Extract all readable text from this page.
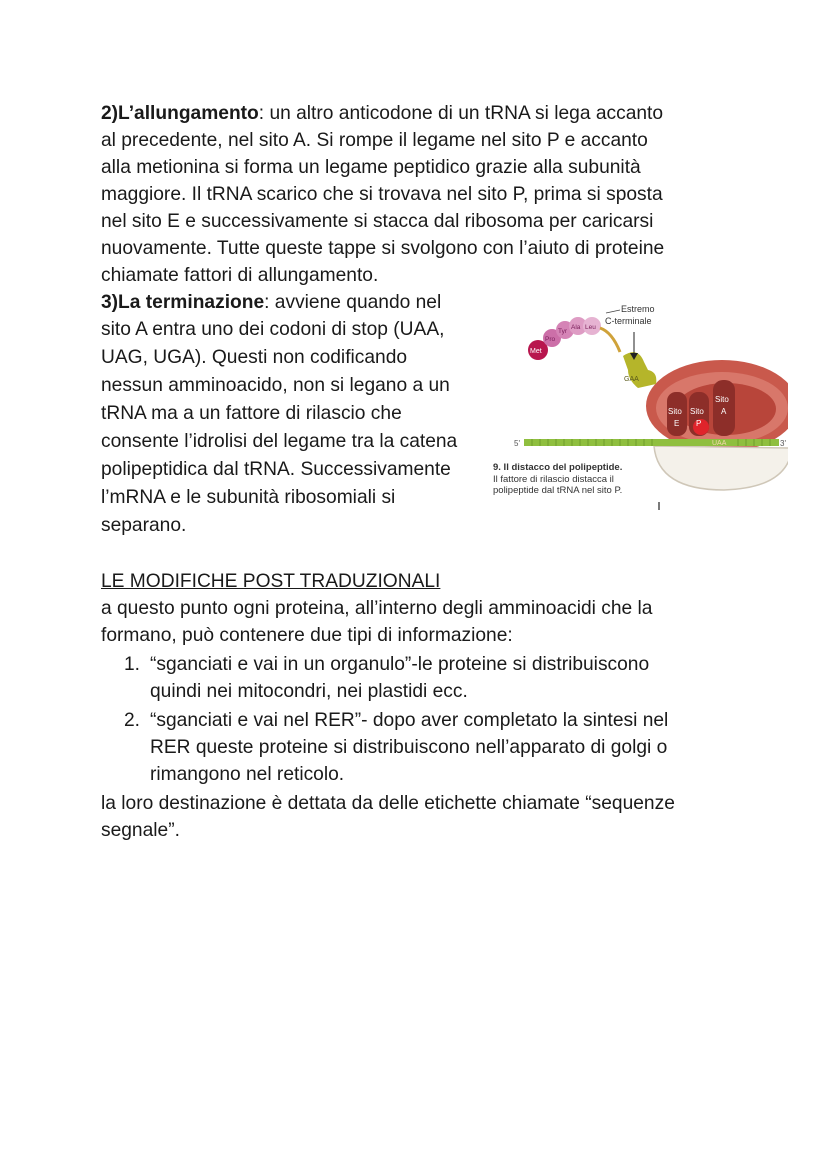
2)L’allungamento: un altro anticodone di un tRNA si lega accanto

al precedente, nel sito A. Si rompe il legame nel sito P e accanto

alla metionina si forma un legame peptidico grazie alla subunità

maggiore. Il tRNA scarico che si trovava nel sito P, prima si sposta

nel sito E e successivamente si stacca dal ribosoma per caricarsi

nuovamente. Tutte queste tappe si svolgono con l’aiuto di proteine

chiamate fattori di allungamento.

3)La terminazione: avviene quando nel

sito A entra uno dei codoni di stop (UAA,

UAG, UGA). Questi non codificando

nessun amminoacido, non si legano a un

tRNA ma a un fattore di rilascio che

consente l’idrolisi del legame tra la catena

polipeptidica dal tRNA. Successivamente

l’mRNA e le subunità ribosomiali si

separano.

UAA
5'	3'
GAA
Met
Pro
Tyr
Ala Leu
Estremo
C-terminale
Sito
E
Sito
P
Sito
A
9. Il distacco del polipeptide.
Il fattore di rilascio distacca il
polipeptide dal tRNA nel sito P.

LE MODIFICHE POST TRADUZIONALI

a questo punto ogni proteina, all’interno degli amminoacidi che la

formano, può contenere due tipi di informazione:

1. “sganciati e vai in un organulo”-le proteine si distribuiscono

quindi nei mitocondri, nei plastidi ecc.

2. “sganciati e vai nel RER”- dopo aver completato la sintesi nel

RER queste proteine si distribuiscono nell’apparato di golgi o

rimangono nel reticolo.

la loro destinazione è dettata da delle etichette chiamate “sequenze

segnale”.
